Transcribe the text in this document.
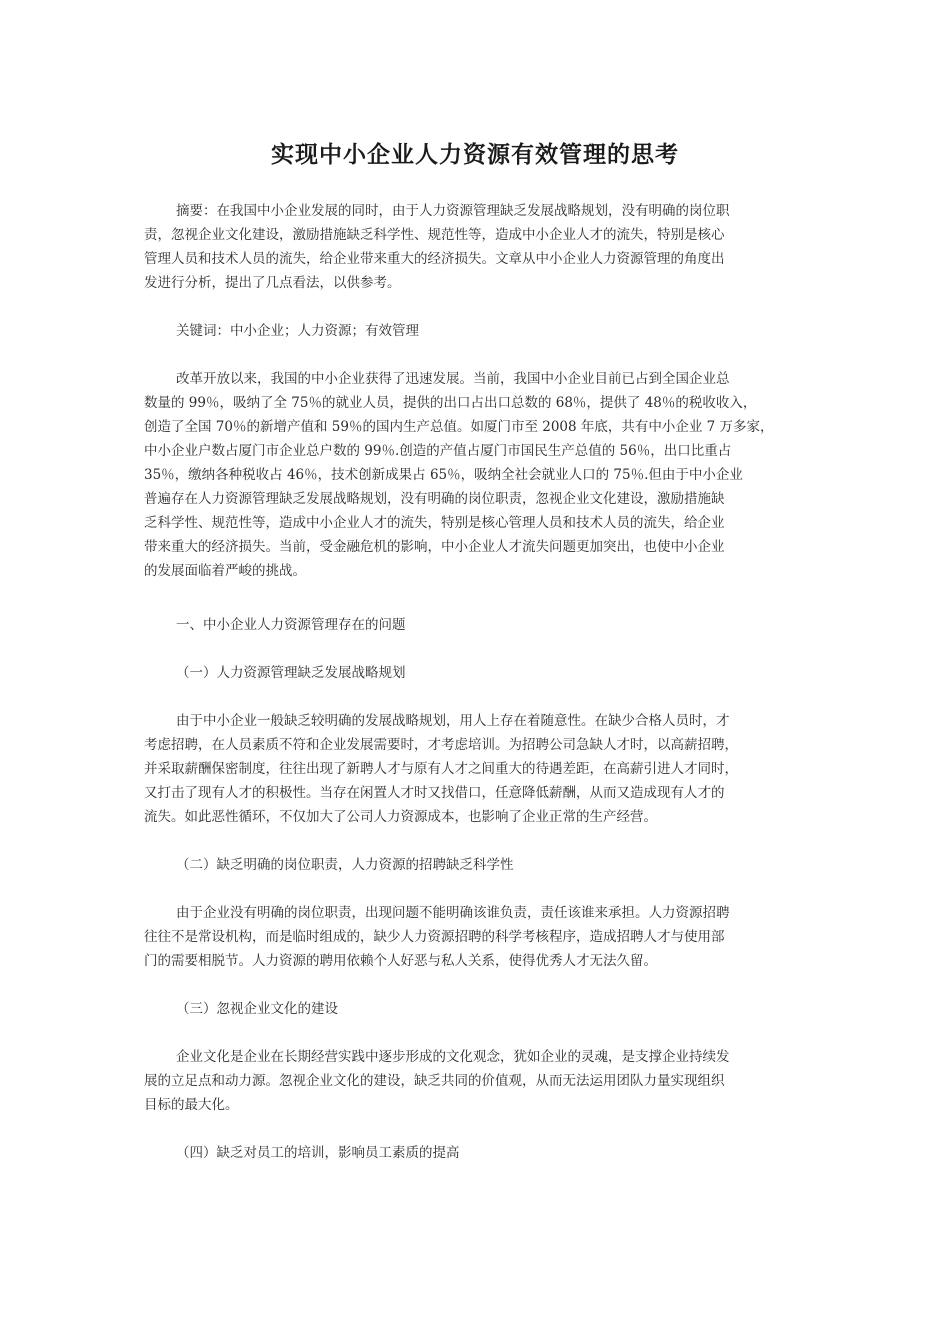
实现中小企业人力资源有效管理的思考

摘要：在我国中小企业发展的同时，由于人力资源管理缺乏发展战略规划，没有明确的岗位职

责，忽视企业文化建设，激励措施缺乏科学性、规范性等，造成中小企业人才的流失，特别是核心

管理人员和技术人员的流失，给企业带来重大的经济损失。文章从中小企业人力资源管理的角度出

发进行分析，提出了几点看法，以供参考。

关键词：中小企业；人力资源；有效管理

改革开放以来，我国的中小企业获得了迅速发展。当前，我国中小企业目前已占到全国企业总

数量的 99％，吸纳了全 75％的就业人员，提供的出口占出口总数的 68％，提供了 48％的税收收入，

创造了全国 70％的新增产值和 59％的国内生产总值。如厦门市至 2008 年底，共有中小企业 7 万多家，

中小企业户数占厦门市企业总户数的 99％.创造的产值占厦门市国民生产总值的 56％，出口比重占

35％，缴纳各种税收占 46％，技术创新成果占 65％，吸纳全社会就业人口的 75％.但由于中小企业

普遍存在人力资源管理缺乏发展战略规划，没有明确的岗位职责，忽视企业文化建设，激励措施缺

乏科学性、规范性等，造成中小企业人才的流失，特别是核心管理人员和技术人员的流失，给企业

带来重大的经济损失。当前，受金融危机的影响，中小企业人才流失问题更加突出，也使中小企业

的发展面临着严峻的挑战。

一、中小企业人力资源管理存在的问题

（一）人力资源管理缺乏发展战略规划

由于中小企业一般缺乏较明确的发展战略规划，用人上存在着随意性。在缺少合格人员时，才

考虑招聘，在人员素质不符和企业发展需要时，才考虑培训。为招聘公司急缺人才时，以高薪招聘，

并采取薪酬保密制度，往往出现了新聘人才与原有人才之间重大的待遇差距，在高薪引进人才同时，

又打击了现有人才的积极性。当存在闲置人才时又找借口，任意降低薪酬，从而又造成现有人才的

流失。如此恶性循环，不仅加大了公司人力资源成本，也影响了企业正常的生产经营。

（二）缺乏明确的岗位职责，人力资源的招聘缺乏科学性

由于企业没有明确的岗位职责，出现问题不能明确该谁负责，责任该谁来承担。人力资源招聘

往往不是常设机构，而是临时组成的，缺少人力资源招聘的科学考核程序，造成招聘人才与使用部

门的需要相脱节。人力资源的聘用依赖个人好恶与私人关系，使得优秀人才无法久留。

（三）忽视企业文化的建设

企业文化是企业在长期经营实践中逐步形成的文化观念，犹如企业的灵魂，是支撑企业持续发

展的立足点和动力源。忽视企业文化的建设，缺乏共同的价值观，从而无法运用团队力量实现组织

目标的最大化。

（四）缺乏对员工的培训，影响员工素质的提高
